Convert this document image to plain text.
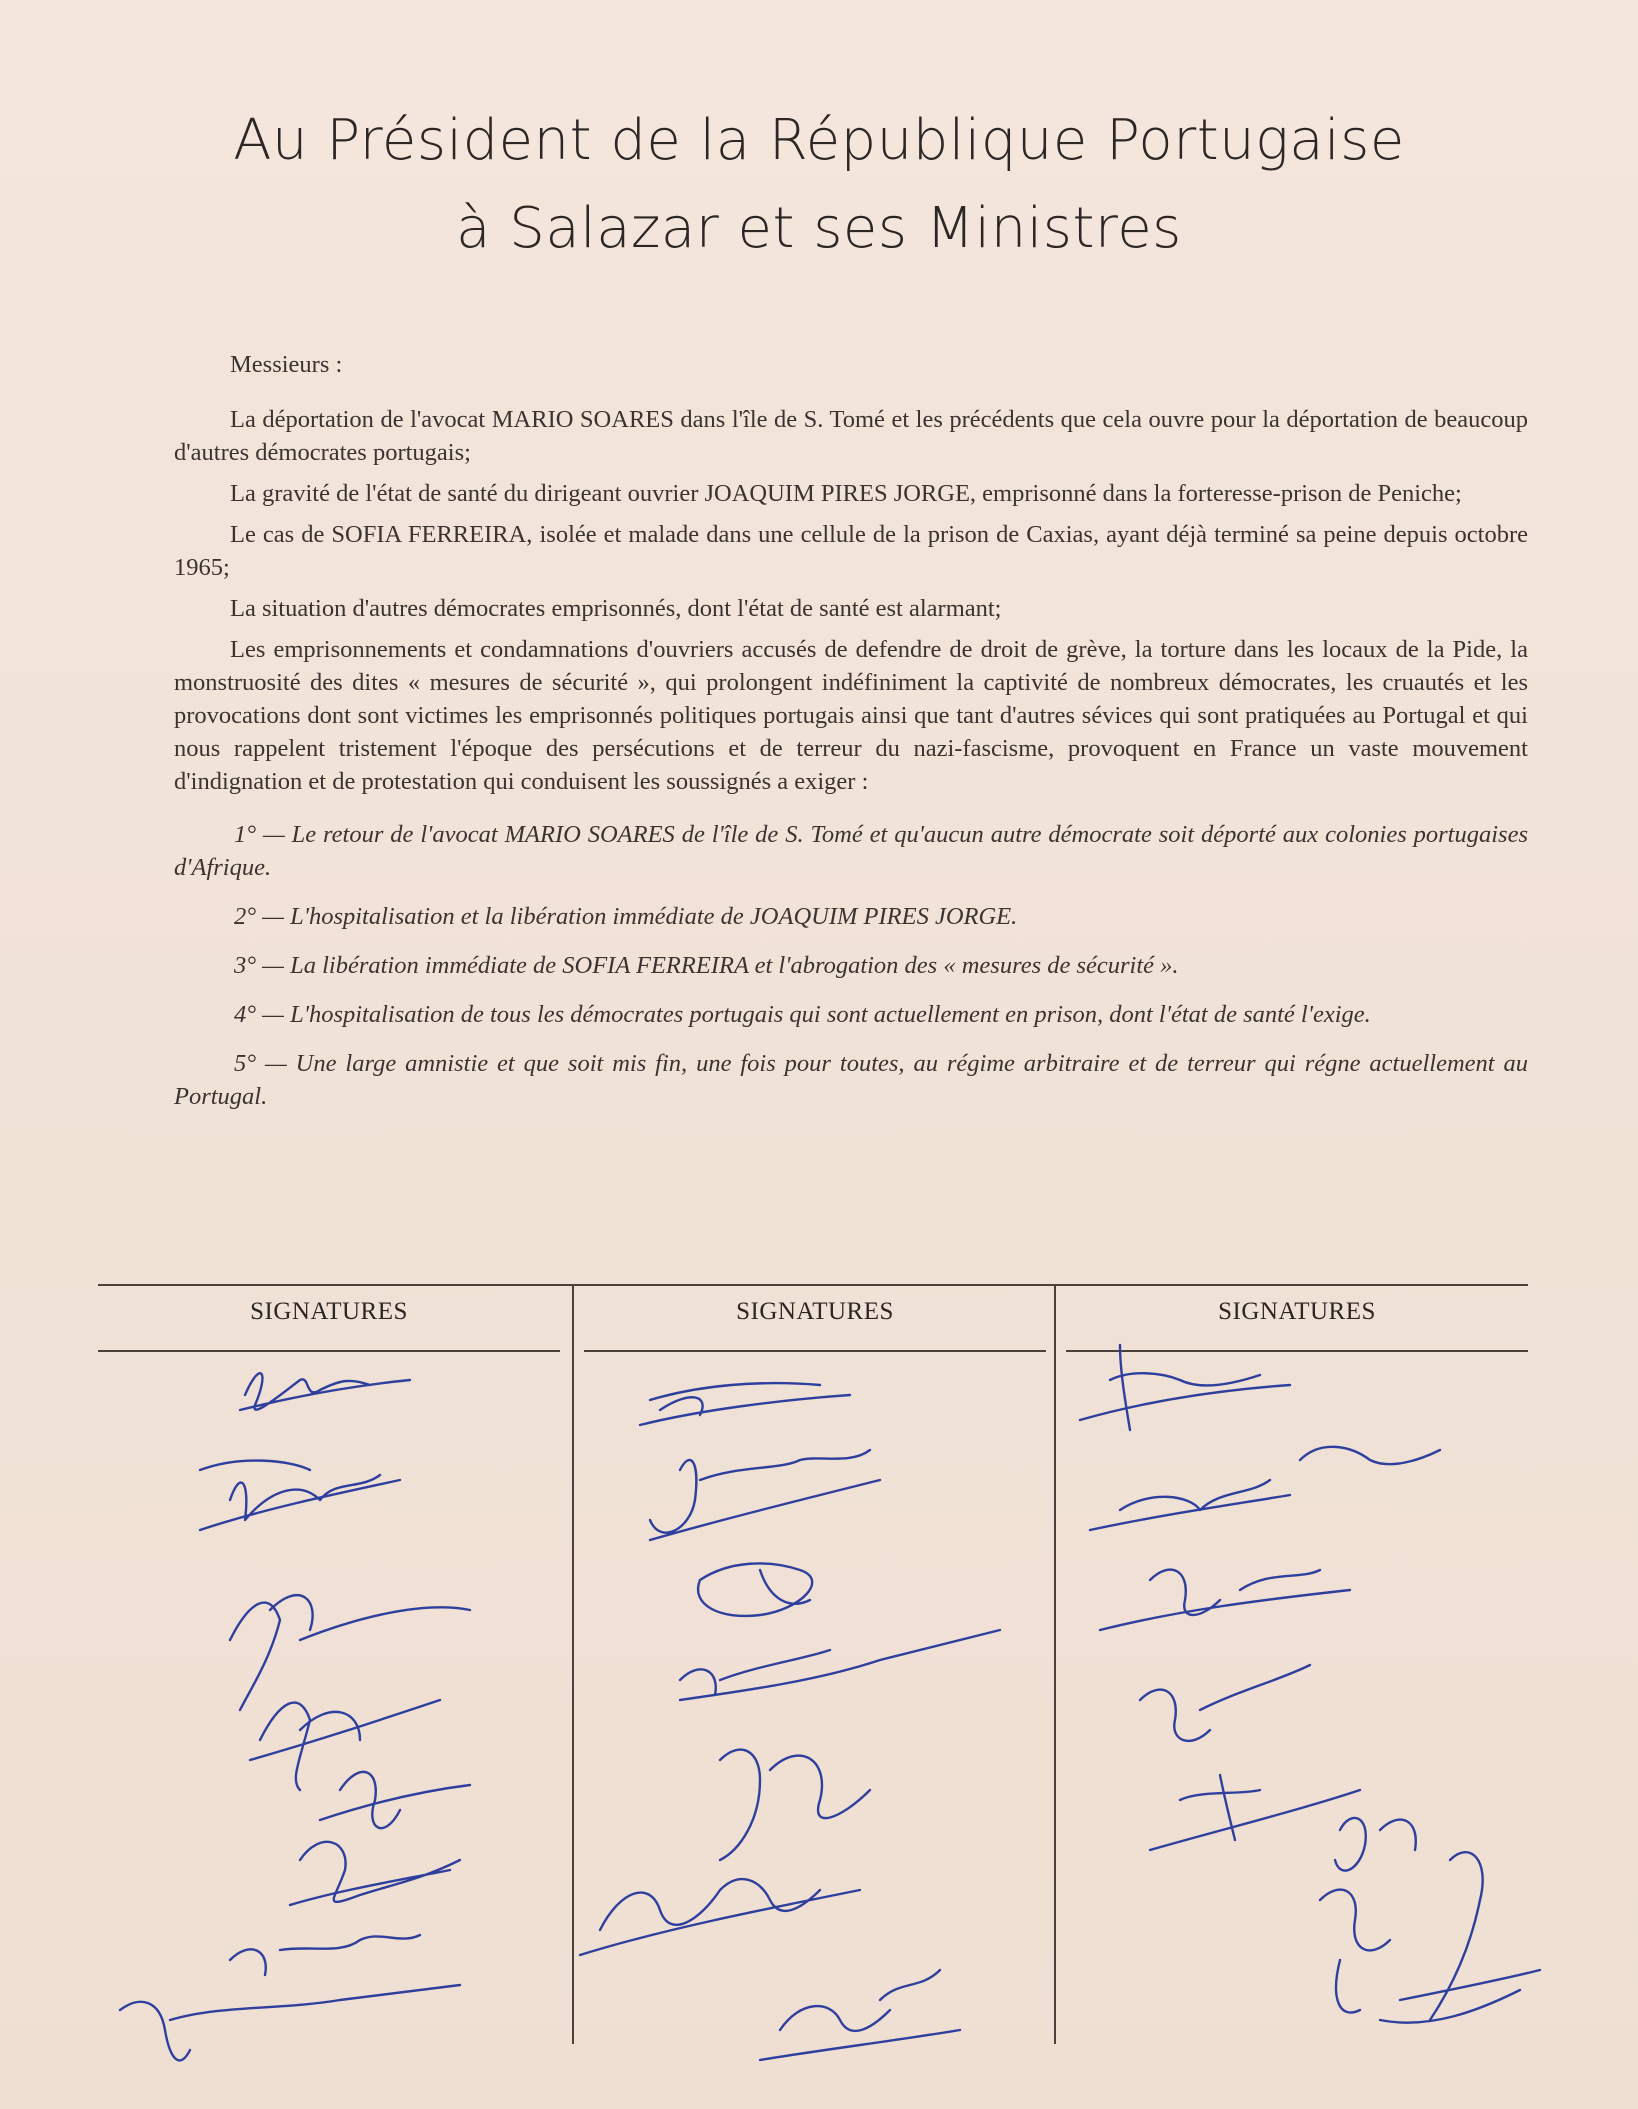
Au Président de la République Portugaise
à Salazar et ses Ministres
Messieurs :

La déportation de l'avocat MARIO SOARES dans l'île de S. Tomé et les précédents que cela ouvre pour la déportation de beaucoup d'autres démocrates portugais;

La gravité de l'état de santé du dirigeant ouvrier JOAQUIM PIRES JORGE, emprisonné dans la forteresse-prison de Peniche;

Le cas de SOFIA FERREIRA, isolée et malade dans une cellule de la prison de Caxias, ayant déjà terminé sa peine depuis octobre 1965;

La situation d'autres démocrates emprisonnés, dont l'état de santé est alarmant;

Les emprisonnements et condamnations d'ouvriers accusés de defendre de droit de grève, la torture dans les locaux de la Pide, la monstruosité des dites « mesures de sécurité », qui prolongent indéfiniment la captivité de nombreux démocrates, les cruautés et les provocations dont sont victimes les emprisonnés politiques portugais ainsi que tant d'autres sévices qui sont pratiquées au Portugal et qui nous rappelent tristement l'époque des persécutions et de terreur du nazi-fascisme, provoquent en France un vaste mouvement d'indignation et de protestation qui conduisent les soussignés a exiger :

1° — Le retour de l'avocat MARIO SOARES de l'île de S. Tomé et qu'aucun autre démocrate soit déporté aux colonies portugaises d'Afrique.

2° — L'hospitalisation et la libération immédiate de JOAQUIM PIRES JORGE.

3° — La libération immédiate de SOFIA FERREIRA et l'abrogation des « mesures de sécurité ».

4° — L'hospitalisation de tous les démocrates portugais qui sont actuellement en prison, dont l'état de santé l'exige.

5° — Une large amnistie et que soit mis fin, une fois pour toutes, au régime arbitraire et de terreur qui régne actuellement au Portugal.

SIGNATURES	SIGNATURES	SIGNATURES
